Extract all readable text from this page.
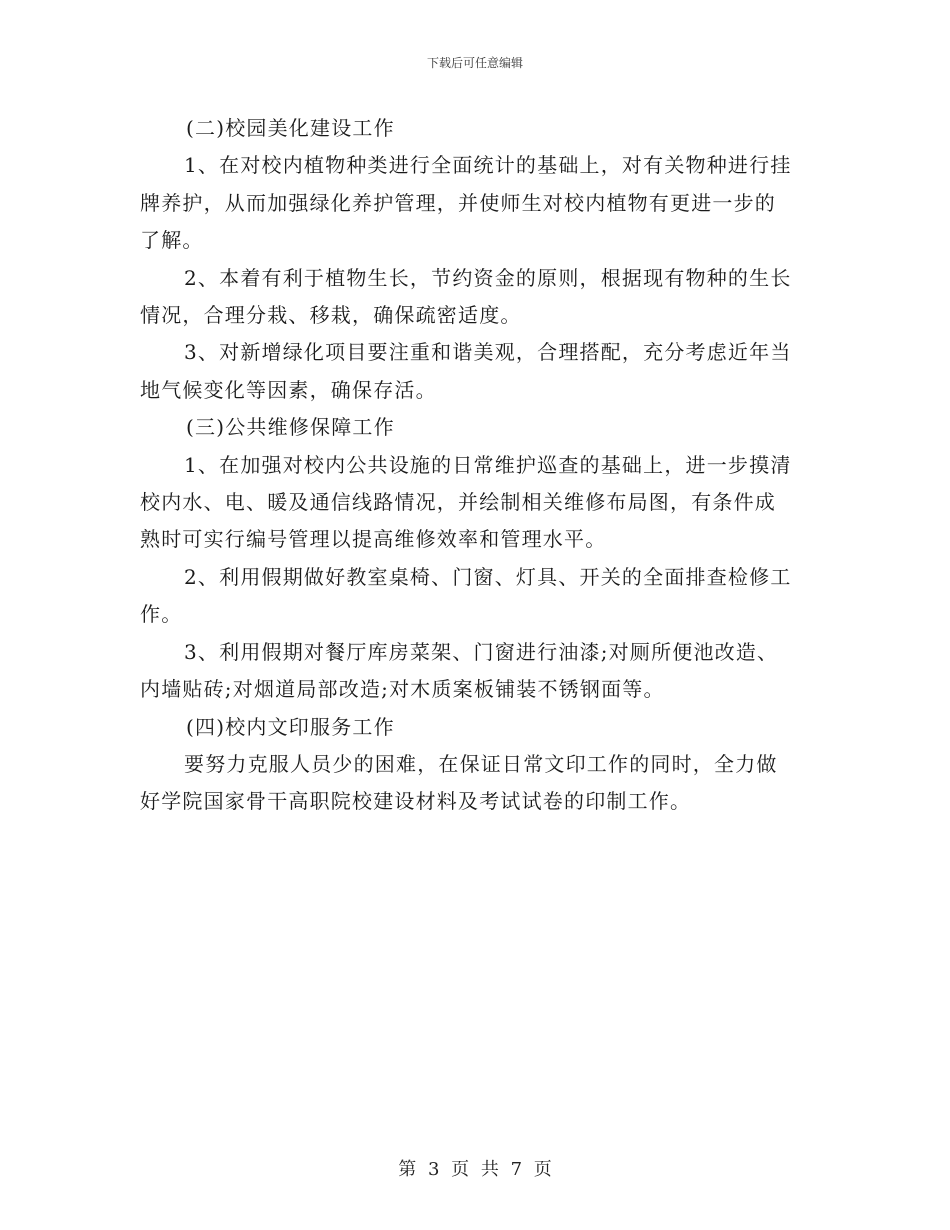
下载后可任意编辑
(二)校园美化建设工作
1、在对校内植物种类进行全面统计的基础上，对有关物种进行挂
牌养护，从而加强绿化养护管理，并使师生对校内植物有更进一步的
了解。
2、本着有利于植物生长，节约资金的原则，根据现有物种的生长
情况，合理分栽、移栽，确保疏密适度。
3、对新增绿化项目要注重和谐美观，合理搭配，充分考虑近年当
地气候变化等因素，确保存活。
(三)公共维修保障工作
1、在加强对校内公共设施的日常维护巡查的基础上，进一步摸清
校内水、电、暖及通信线路情况，并绘制相关维修布局图，有条件成
熟时可实行编号管理以提高维修效率和管理水平。
2、利用假期做好教室桌椅、门窗、灯具、开关的全面排查检修工
作。
3、利用假期对餐厅库房菜架、门窗进行油漆;对厕所便池改造、
内墙贴砖;对烟道局部改造;对木质案板铺装不锈钢面等。
(四)校内文印服务工作
要努力克服人员少的困难，在保证日常文印工作的同时，全力做
好学院国家骨干高职院校建设材料及考试试卷的印制工作。
第 3 页 共 7 页
